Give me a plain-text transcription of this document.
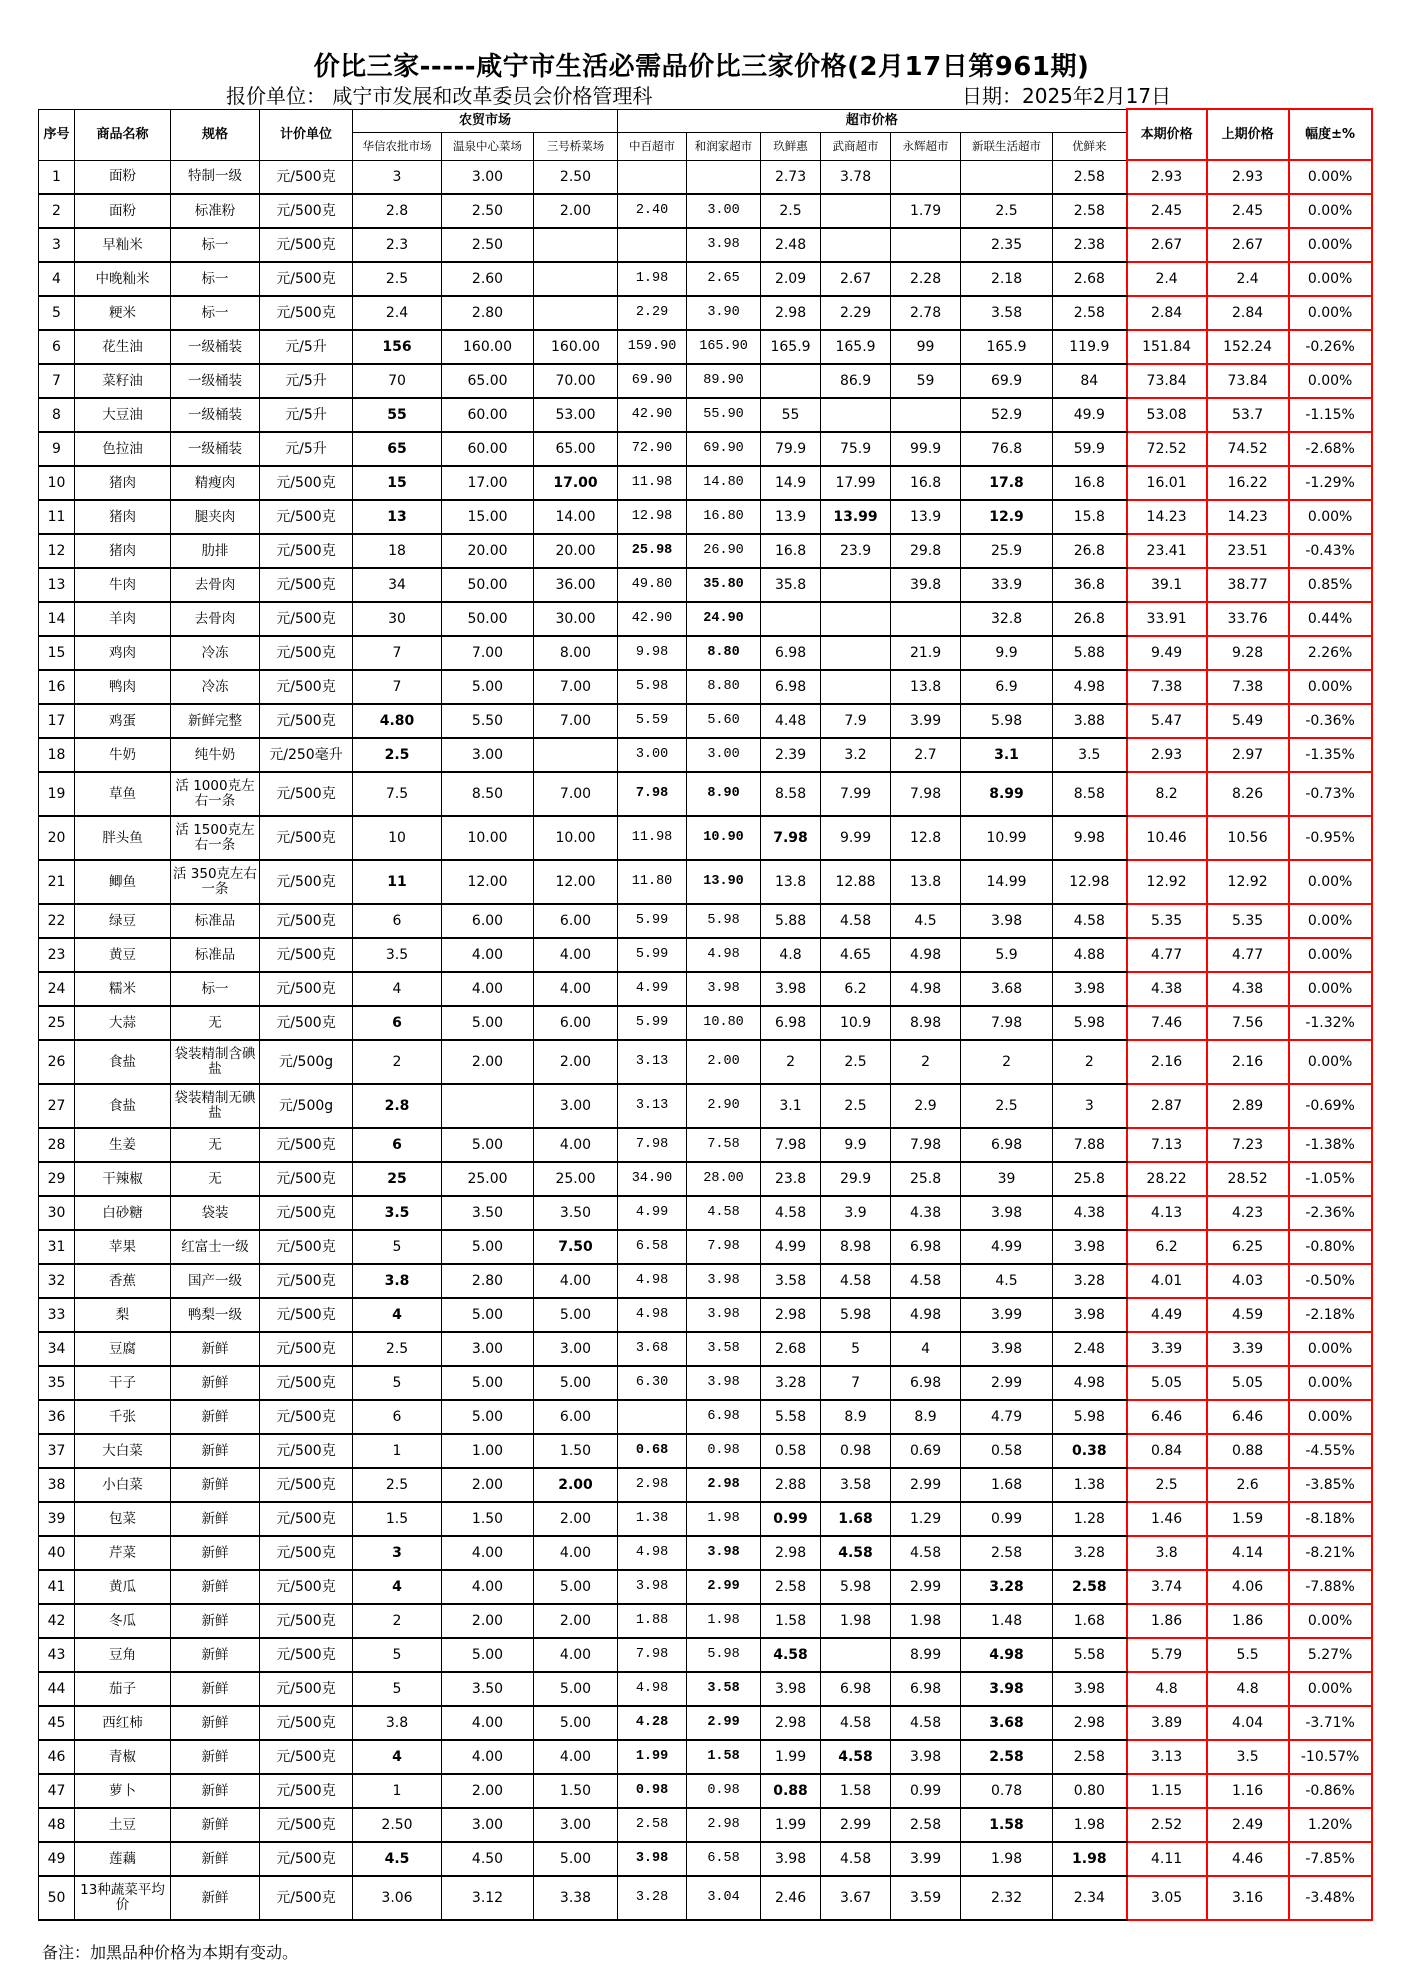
价比三家-----咸宁市生活必需品价比三家价格(2月17日第961期)
报价单位： 咸宁市发展和改革委员会价格管理科	日期：2025年2月17日
序号	商品名称	规格	计价单位	农贸市场			超市价格							本期价格	上期价格	幅度±%
				华信农批市场	温泉中心菜场	三号桥菜场	中百超市	和润家超市	玖鲜惠	武商超市	永辉超市	新联生活超市	优鲜来			
1	面粉	特制一级	元/500克	3	3.00	2.50			2.73	3.78			2.58	2.93	2.93	0.00%
2	面粉	标准粉	元/500克	2.8	2.50	2.00	2.40	3.00	2.5		1.79	2.5	2.58	2.45	2.45	0.00%
3	早籼米	标一	元/500克	2.3	2.50			3.98	2.48			2.35	2.38	2.67	2.67	0.00%
4	中晚籼米	标一	元/500克	2.5	2.60		1.98	2.65	2.09	2.67	2.28	2.18	2.68	2.4	2.4	0.00%
5	粳米	标一	元/500克	2.4	2.80		2.29	3.90	2.98	2.29	2.78	3.58	2.58	2.84	2.84	0.00%
6	花生油	一级桶装	元/5升	156	160.00	160.00	159.90	165.90	165.9	165.9	99	165.9	119.9	151.84	152.24	-0.26%
7	菜籽油	一级桶装	元/5升	70	65.00	70.00	69.90	89.90		86.9	59	69.9	84	73.84	73.84	0.00%
8	大豆油	一级桶装	元/5升	55	60.00	53.00	42.90	55.90	55			52.9	49.9	53.08	53.7	-1.15%
9	色拉油	一级桶装	元/5升	65	60.00	65.00	72.90	69.90	79.9	75.9	99.9	76.8	59.9	72.52	74.52	-2.68%
10	猪肉	精瘦肉	元/500克	15	17.00	17.00	11.98	14.80	14.9	17.99	16.8	17.8	16.8	16.01	16.22	-1.29%
11	猪肉	腿夹肉	元/500克	13	15.00	14.00	12.98	16.80	13.9	13.99	13.9	12.9	15.8	14.23	14.23	0.00%
12	猪肉	肋排	元/500克	18	20.00	20.00	25.98	26.90	16.8	23.9	29.8	25.9	26.8	23.41	23.51	-0.43%
13	牛肉	去骨肉	元/500克	34	50.00	36.00	49.80	35.80	35.8		39.8	33.9	36.8	39.1	38.77	0.85%
14	羊肉	去骨肉	元/500克	30	50.00	30.00	42.90	24.90				32.8	26.8	33.91	33.76	0.44%
15	鸡肉	冷冻	元/500克	7	7.00	8.00	9.98	8.80	6.98		21.9	9.9	5.88	9.49	9.28	2.26%
16	鸭肉	冷冻	元/500克	7	5.00	7.00	5.98	8.80	6.98		13.8	6.9	4.98	7.38	7.38	0.00%
17	鸡蛋	新鲜完整	元/500克	4.80	5.50	7.00	5.59	5.60	4.48	7.9	3.99	5.98	3.88	5.47	5.49	-0.36%
18	牛奶	纯牛奶	元/250毫升	2.5	3.00		3.00	3.00	2.39	3.2	2.7	3.1	3.5	2.93	2.97	-1.35%
19	草鱼	活 1000克左右一条	元/500克	7.5	8.50	7.00	7.98	8.90	8.58	7.99	7.98	8.99	8.58	8.2	8.26	-0.73%
20	胖头鱼	活 1500克左右一条	元/500克	10	10.00	10.00	11.98	10.90	7.98	9.99	12.8	10.99	9.98	10.46	10.56	-0.95%
21	鲫鱼	活 350克左右一条	元/500克	11	12.00	12.00	11.80	13.90	13.8	12.88	13.8	14.99	12.98	12.92	12.92	0.00%
22	绿豆	标准品	元/500克	6	6.00	6.00	5.99	5.98	5.88	4.58	4.5	3.98	4.58	5.35	5.35	0.00%
23	黄豆	标准品	元/500克	3.5	4.00	4.00	5.99	4.98	4.8	4.65	4.98	5.9	4.88	4.77	4.77	0.00%
24	糯米	标一	元/500克	4	4.00	4.00	4.99	3.98	3.98	6.2	4.98	3.68	3.98	4.38	4.38	0.00%
25	大蒜	无	元/500克	6	5.00	6.00	5.99	10.80	6.98	10.9	8.98	7.98	5.98	7.46	7.56	-1.32%
26	食盐	袋装精制含碘盐	元/500g	2	2.00	2.00	3.13	2.00	2	2.5	2	2	2	2.16	2.16	0.00%
27	食盐	袋装精制无碘盐	元/500g	2.8		3.00	3.13	2.90	3.1	2.5	2.9	2.5	3	2.87	2.89	-0.69%
28	生姜	无	元/500克	6	5.00	4.00	7.98	7.58	7.98	9.9	7.98	6.98	7.88	7.13	7.23	-1.38%
29	干辣椒	无	元/500克	25	25.00	25.00	34.90	28.00	23.8	29.9	25.8	39	25.8	28.22	28.52	-1.05%
30	白砂糖	袋装	元/500克	3.5	3.50	3.50	4.99	4.58	4.58	3.9	4.38	3.98	4.38	4.13	4.23	-2.36%
31	苹果	红富士一级	元/500克	5	5.00	7.50	6.58	7.98	4.99	8.98	6.98	4.99	3.98	6.2	6.25	-0.80%
32	香蕉	国产一级	元/500克	3.8	2.80	4.00	4.98	3.98	3.58	4.58	4.58	4.5	3.28	4.01	4.03	-0.50%
33	梨	鸭梨一级	元/500克	4	5.00	5.00	4.98	3.98	2.98	5.98	4.98	3.99	3.98	4.49	4.59	-2.18%
34	豆腐	新鲜	元/500克	2.5	3.00	3.00	3.68	3.58	2.68	5	4	3.98	2.48	3.39	3.39	0.00%
35	干子	新鲜	元/500克	5	5.00	5.00	6.30	3.98	3.28	7	6.98	2.99	4.98	5.05	5.05	0.00%
36	千张	新鲜	元/500克	6	5.00	6.00		6.98	5.58	8.9	8.9	4.79	5.98	6.46	6.46	0.00%
37	大白菜	新鲜	元/500克	1	1.00	1.50	0.68	0.98	0.58	0.98	0.69	0.58	0.38	0.84	0.88	-4.55%
38	小白菜	新鲜	元/500克	2.5	2.00	2.00	2.98	2.98	2.88	3.58	2.99	1.68	1.38	2.5	2.6	-3.85%
39	包菜	新鲜	元/500克	1.5	1.50	2.00	1.38	1.98	0.99	1.68	1.29	0.99	1.28	1.46	1.59	-8.18%
40	芹菜	新鲜	元/500克	3	4.00	4.00	4.98	3.98	2.98	4.58	4.58	2.58	3.28	3.8	4.14	-8.21%
41	黄瓜	新鲜	元/500克	4	4.00	5.00	3.98	2.99	2.58	5.98	2.99	3.28	2.58	3.74	4.06	-7.88%
42	冬瓜	新鲜	元/500克	2	2.00	2.00	1.88	1.98	1.58	1.98	1.98	1.48	1.68	1.86	1.86	0.00%
43	豆角	新鲜	元/500克	5	5.00	4.00	7.98	5.98	4.58		8.99	4.98	5.58	5.79	5.5	5.27%
44	茄子	新鲜	元/500克	5	3.50	5.00	4.98	3.58	3.98	6.98	6.98	3.98	3.98	4.8	4.8	0.00%
45	西红柿	新鲜	元/500克	3.8	4.00	5.00	4.28	2.99	2.98	4.58	4.58	3.68	2.98	3.89	4.04	-3.71%
46	青椒	新鲜	元/500克	4	4.00	4.00	1.99	1.58	1.99	4.58	3.98	2.58	2.58	3.13	3.5	-10.57%
47	萝卜	新鲜	元/500克	1	2.00	1.50	0.98	0.98	0.88	1.58	0.99	0.78	0.80	1.15	1.16	-0.86%
48	土豆	新鲜	元/500克	2.50	3.00	3.00	2.58	2.98	1.99	2.99	2.58	1.58	1.98	2.52	2.49	1.20%
49	莲藕	新鲜	元/500克	4.5	4.50	5.00	3.98	6.58	3.98	4.58	3.99	1.98	1.98	4.11	4.46	-7.85%
50	13种蔬菜平均价	新鲜	元/500克	3.06	3.12	3.38	3.28	3.04	2.46	3.67	3.59	2.32	2.34	3.05	3.16	-3.48%
备注：加黑品种价格为本期有变动。
